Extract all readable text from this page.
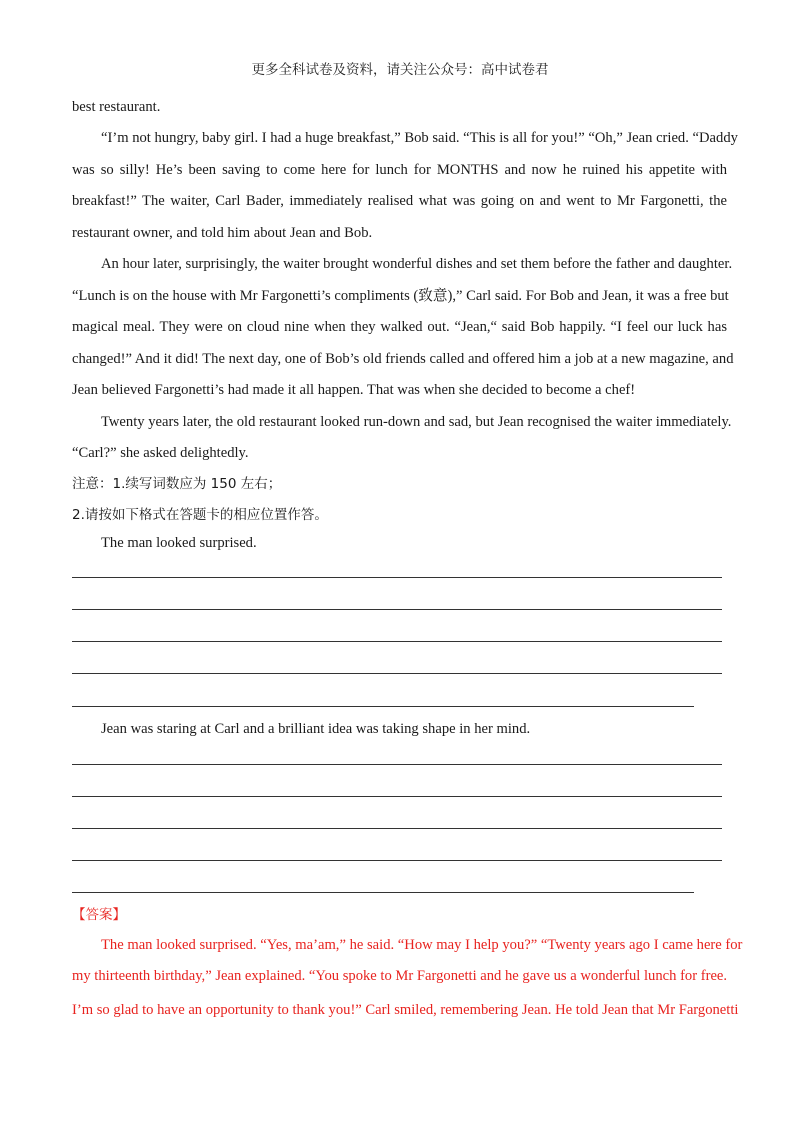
更多全科试卷及资料，请关注公众号：高中试卷君
best restaurant.
“I’m not hungry, baby girl. I had a huge breakfast,” Bob said. “This is all for you!” “Oh,” Jean cried. “Daddy
was so silly! He’s been saving to come here for lunch for MONTHS and now he ruined his appetite with
breakfast!” The waiter, Carl Bader, immediately realised what was going on and went to Mr Fargonetti, the
restaurant owner, and told him about Jean and Bob.
An hour later, surprisingly, the waiter brought wonderful dishes and set them before the father and daughter.
“Lunch is on the house with Mr Fargonetti’s compliments (致意),” Carl said. For Bob and Jean, it was a free but
magical meal. They were on cloud nine when they walked out. “Jean,“ said Bob happily. “I feel our luck has
changed!” And it did! The next day, one of Bob’s old friends called and offered him a job at a new magazine, and
Jean believed Fargonetti’s had made it all happen. That was when she decided to become a chef!
Twenty years later, the old restaurant looked run-down and sad, but Jean recognised the waiter immediately.
“Carl?” she asked delightedly.
注意：1.续写词数应为 150 左右；
2.请按如下格式在答题卡的相应位置作答。
The man looked surprised.
Jean was staring at Carl and a brilliant idea was taking shape in her mind.
【答案】
The man looked surprised. “Yes, ma’am,” he said. “How may I help you?” “Twenty years ago I came here for
my thirteenth birthday,” Jean explained. “You spoke to Mr Fargonetti and he gave us a wonderful lunch for free.
I’m so glad to have an opportunity to thank you!” Carl smiled, remembering Jean. He told Jean that Mr Fargonetti
